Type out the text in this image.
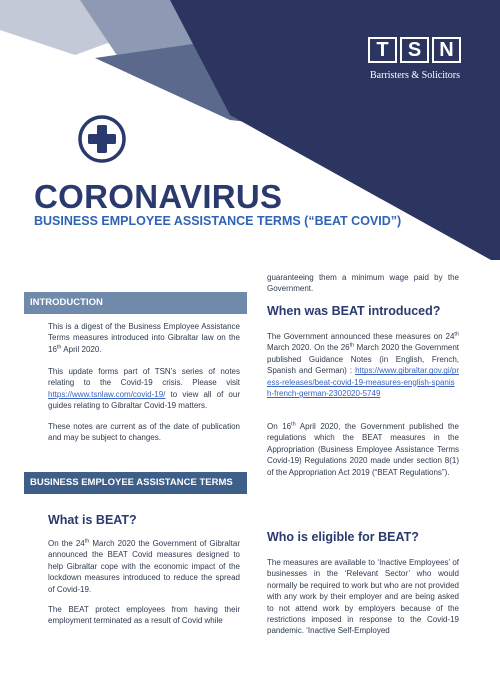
T S N
Barristers & Solicitors
CORONAVIRUS
BUSINESS EMPLOYEE ASSISTANCE TERMS (“BEAT COVID”)
INTRODUCTION

This is a digest of the Business Employee Assistance Terms measures introduced into Gibraltar law on the 16th April 2020.

This update forms part of TSN’s series of notes relating to the Covid-19 crisis. Please visit https://www.tsnlaw.com/covid-19/ to view all of our guides relating to Gibraltar Covid-19 matters.

These notes are current as of the date of publication and may be subject to changes.

BUSINESS EMPLOYEE ASSISTANCE TERMS
What is BEAT?

On the 24th March 2020 the Government of Gibraltar announced the BEAT Covid measures designed to help Gibraltar cope with the economic impact of the lockdown measures introduced to reduce the spread of Covid-19.

The BEAT protect employees from having their employment terminated as a result of Covid while

guaranteeing them a minimum wage paid by the Government.

When was BEAT introduced?

The Government announced these measures on 24th March 2020. On the 26th March 2020 the Government published Guidance Notes (in English, French, Spanish and German) : https://www.gibraltar.gov.gi/press-releases/beat-covid-19-measures-english-spanish-french-german-2302020-5749

On 16th April 2020, the Government published the regulations which the BEAT measures in the Appropriation (Business Employee Assistance Terms Covid-19) Regulations 2020 made under section 8(1) of the Appropriation Act 2019 (“BEAT Regulations”).

Who is eligible for BEAT?

The measures are available to ‘Inactive Employees’ of businesses in the ‘Relevant Sector’ who would normally be required to work but who are not provided with any work by their employer and are being asked to not attend work by employers because of the restrictions imposed in response to the Covid-19 pandemic. ‘Inactive Self-Employed
